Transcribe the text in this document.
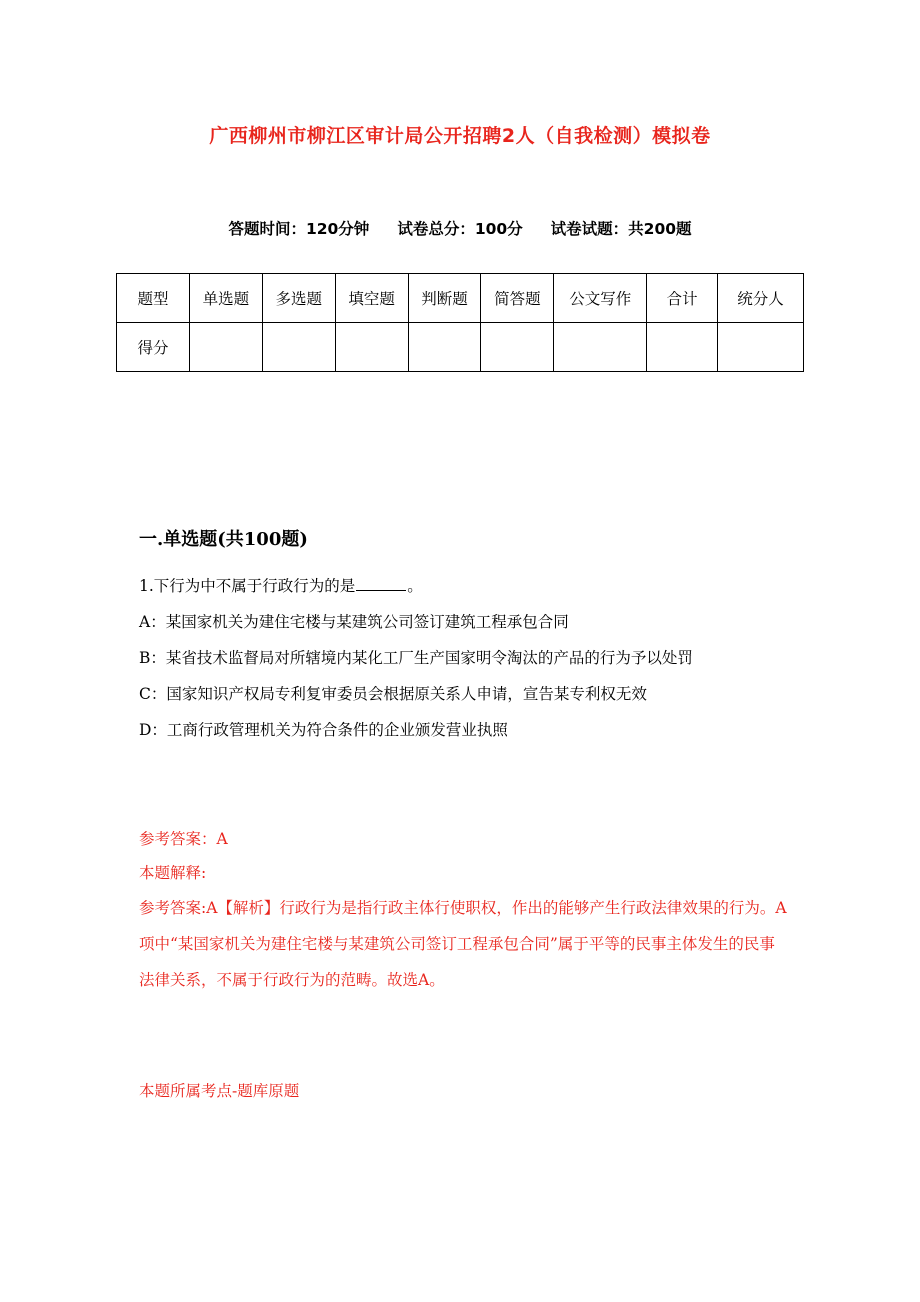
广西柳州市柳江区审计局公开招聘2人（自我检测）模拟卷
答题时间：120分钟 试卷总分：100分 试卷试题：共200题
题型	单选题	多选题	填空题	判断题	简答题	公文写作	合计	统分人
得分								
一.单选题(共100题)

1.下行为中不属于行政行为的是	。

A：某国家机关为建住宅楼与某建筑公司签订建筑工程承包合同

B：某省技术监督局对所辖境内某化工厂生产国家明令淘汰的产品的行为予以处罚

C：国家知识产权局专利复审委员会根据原关系人申请，宣告某专利权无效

D：工商行政管理机关为符合条件的企业颁发营业执照

参考答案：A

本题解释:

参考答案:A【解析】行政行为是指行政主体行使职权，作出的能够产生行政法律效果的行为。A项中“某国家机关为建住宅楼与某建筑公司签订工程承包合同”属于平等的民事主体发生的民事法律关系，不属于行政行为的范畴。故选A。

本题所属考点-题库原题
